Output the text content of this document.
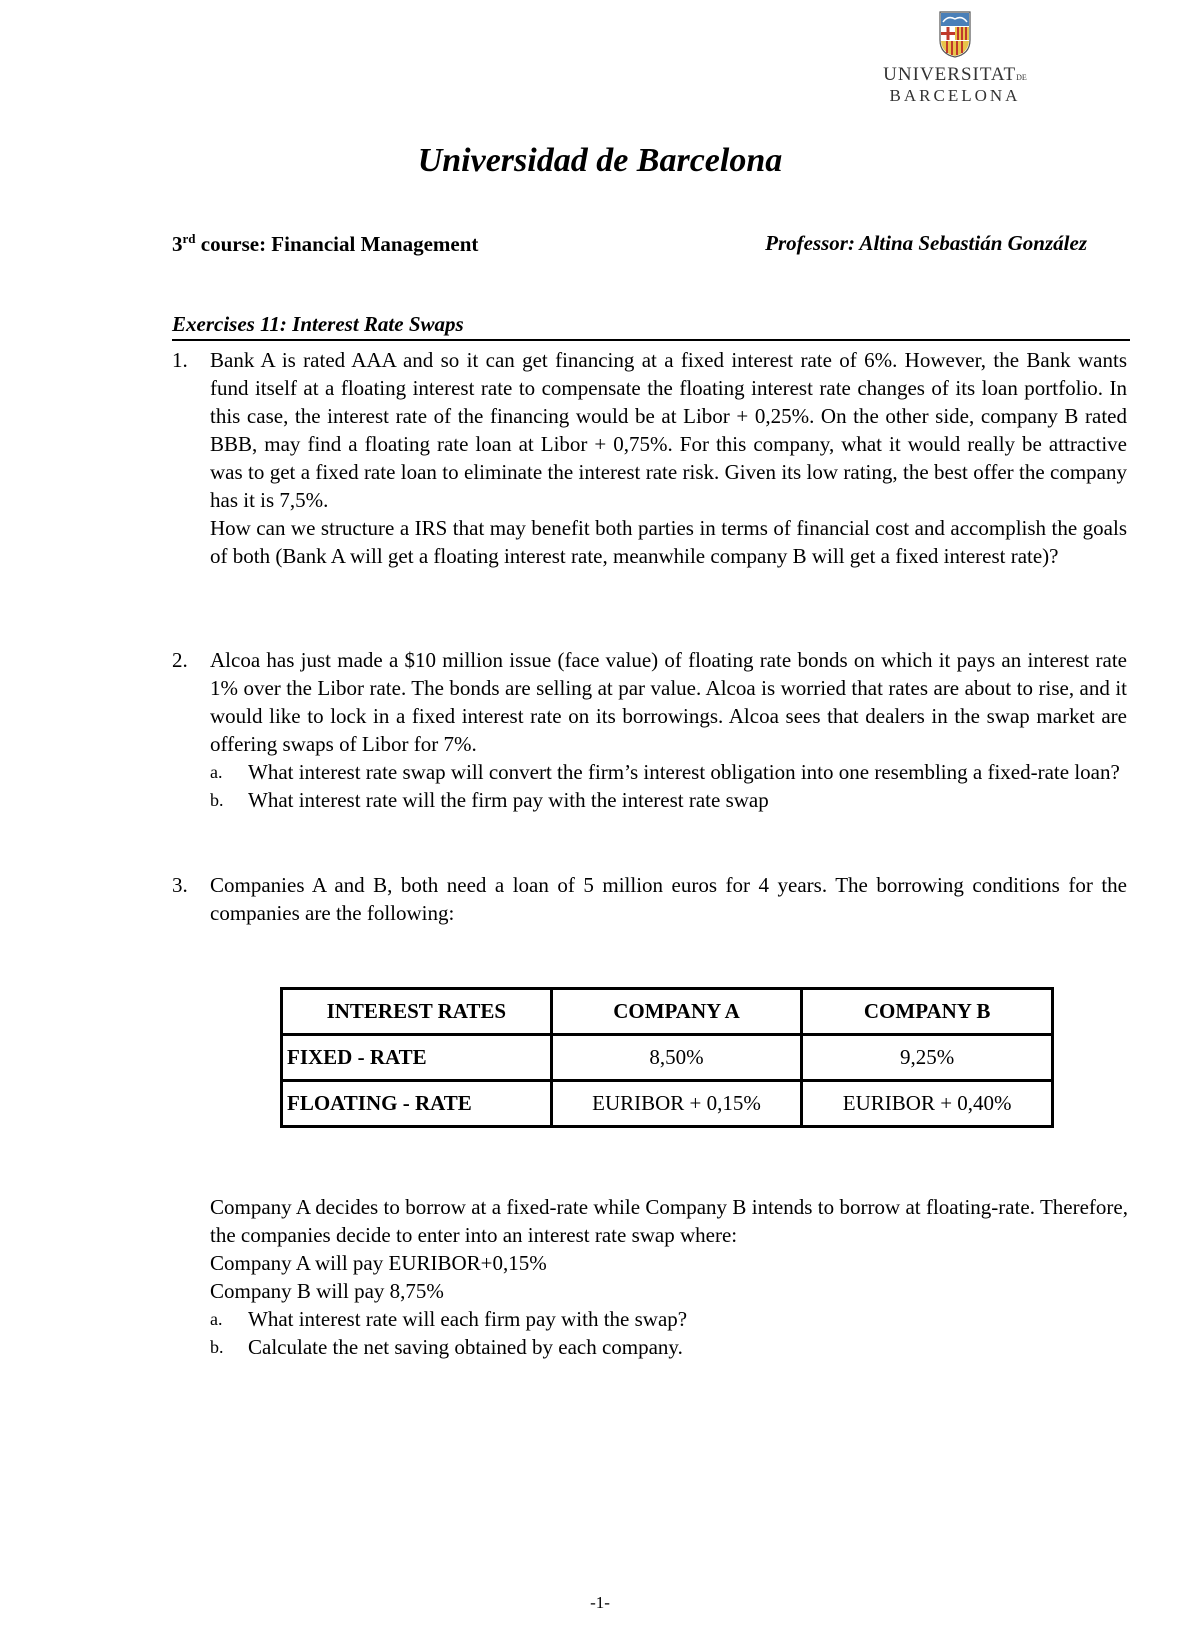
UNIVERSITATDE
BARCELONA
Universidad de Barcelona
3rd course: Financial Management	Professor: Altina Sebastián González
Exercises 11: Interest Rate Swaps
1. Bank A is rated AAA and so it can get financing at a fixed interest rate of 6%. However, the Bank wants fund itself at a floating interest rate to compensate the floating interest rate changes of its loan portfolio. In this case, the interest rate of the financing would be at Libor + 0,25%. On the other side, company B rated BBB, may find a floating rate loan at Libor + 0,75%. For this company, what it would really be attractive was to get a fixed rate loan to eliminate the interest rate risk. Given its low rating, the best offer the company has it is 7,5%.

How can we structure a IRS that may benefit both parties in terms of financial cost and accomplish the goals of both (Bank A will get a floating interest rate, meanwhile company B will get a fixed interest rate)?

2. Alcoa has just made a $10 million issue (face value) of floating rate bonds on which it pays an interest rate 1% over the Libor rate. The bonds are selling at par value. Alcoa is worried that rates are about to rise, and it would like to lock in a fixed interest rate on its borrowings. Alcoa sees that dealers in the swap market are offering swaps of Libor for 7%.

a. What interest rate swap will convert the firm’s interest obligation into one resembling a fixed-rate loan?

b. What interest rate will the firm pay with the interest rate swap

3. Companies A and B, both need a loan of 5 million euros for 4 years. The borrowing conditions for the companies are the following:

INTEREST RATES	COMPANY A	COMPANY B
FIXED - RATE	8,50%	9,25%
FLOATING - RATE	EURIBOR + 0,15%	EURIBOR + 0,40%

Company A decides to borrow at a fixed-rate while Company B intends to borrow at floating-rate. Therefore, the companies decide to enter into an interest rate swap where:

Company A will pay EURIBOR+0,15%

Company B will pay 8,75%

a. What interest rate will each firm pay with the swap?

b. Calculate the net saving obtained by each company.

-1-
